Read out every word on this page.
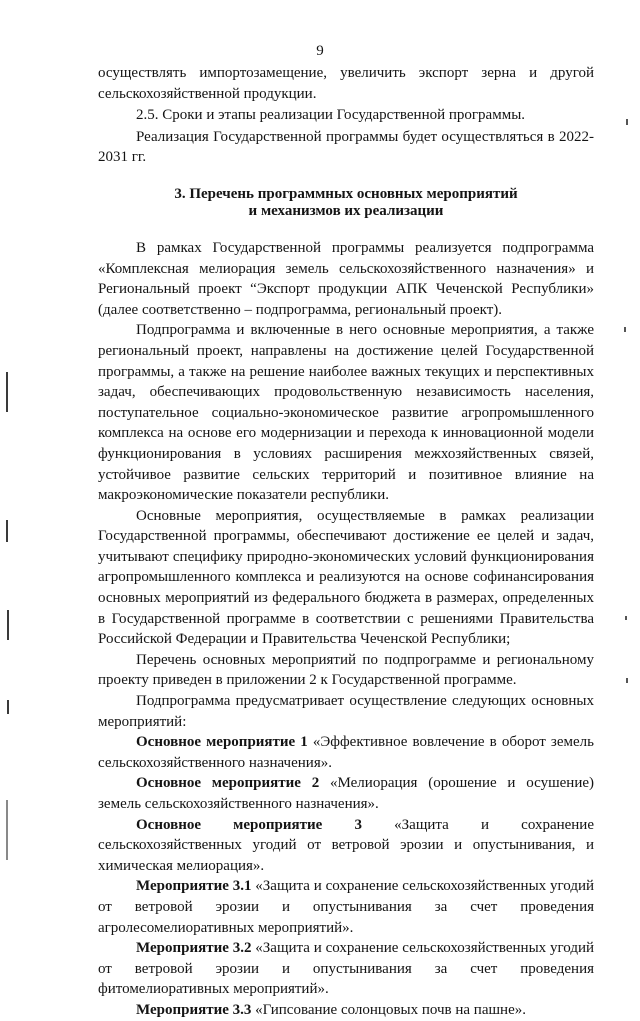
9

осуществлять импортозамещение, увеличить экспорт зерна и другой сельскохозяйственной продукции.

2.5. Сроки и этапы реализации Государственной программы.

Реализация Государственной программы будет осуществляться в 2022-2031 гг.

3. Перечень программных основных мероприятий
и механизмов их реализации

В рамках Государственной программы реализуется подпрограмма «Комплексная мелиорация земель сельскохозяйственного назначения» и Региональный проект “Экспорт продукции АПК Чеченской Республики» (далее соответственно – подпрограмма, региональный проект).

Подпрограмма и включенные в него основные мероприятия, а также региональный проект, направлены на достижение целей Государственной программы, а также на решение наиболее важных текущих и перспективных задач, обеспечивающих продовольственную независимость населения, поступательное социально-экономическое развитие агропромышленного комплекса на основе его модернизации и перехода к инновационной модели функционирования в условиях расширения межхозяйственных связей, устойчивое развитие сельских территорий и позитивное влияние на макроэкономические показатели республики.

Основные мероприятия, осуществляемые в рамках реализации Государственной программы, обеспечивают достижение ее целей и задач, учитывают специфику природно-экономических условий функционирования агропромышленного комплекса и реализуются на основе софинансирования основных мероприятий из федерального бюджета в размерах, определенных в Государственной программе в соответствии с решениями Правительства Российской Федерации и Правительства Чеченской Республики;

Перечень основных мероприятий по подпрограмме и региональному проекту приведен в приложении 2 к Государственной программе.

Подпрограмма предусматривает осуществление следующих основных мероприятий:

Основное мероприятие 1 «Эффективное вовлечение в оборот земель сельскохозяйственного назначения».

Основное мероприятие 2 «Мелиорация (орошение и осушение) земель сельскохозяйственного назначения».

Основное мероприятие 3 «Защита и сохранение сельскохозяйственных угодий от ветровой эрозии и опустынивания, и химическая мелиорация».

Мероприятие 3.1 «Защита и сохранение сельскохозяйственных угодий от ветровой эрозии и опустынивания за счет проведения агролесомелиоративных мероприятий».

Мероприятие 3.2 «Защита и сохранение сельскохозяйственных угодий от ветровой эрозии и опустынивания за счет проведения фитомелиоративных мероприятий».

Мероприятие 3.3 «Гипсование солонцовых почв на пашне».
